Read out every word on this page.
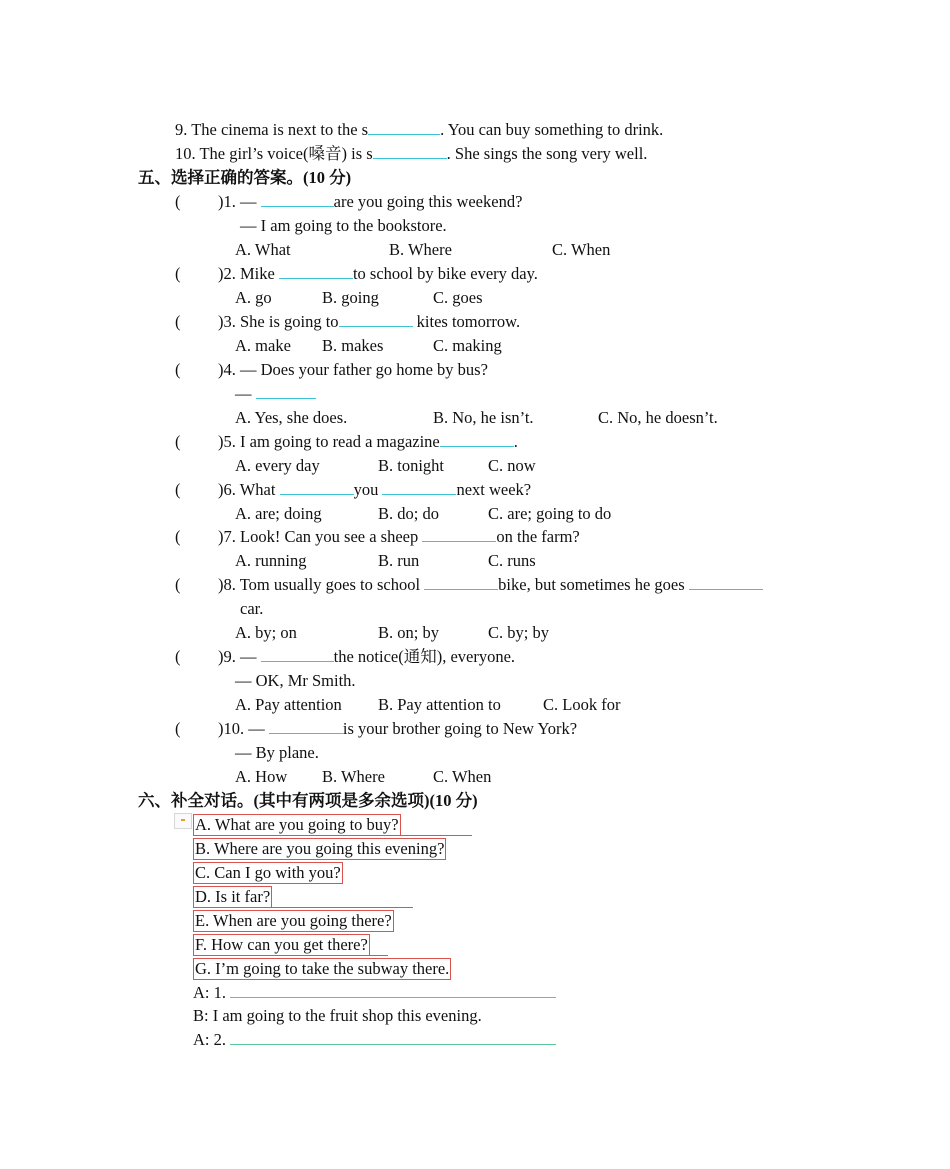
9. The cinema is next to the s	. You can buy something to drink.
10. The girl’s voice(嗓音) is s	. She sings the song very well.
五、选择正确的答案。(10 分)
( )1. —	are you going this weekend?
— I am going to the bookstore.
A. What	B. Where	C. When
( )2. Mike	to school by bike every day.
A. go	B. going	C. goes
( )3. She is going to	kites tomorrow.
A. make B. makes	C. making
( )4. — Does your father go home by bus?
—
A. Yes, she does.	B. No, he isn’t.	C. No, he doesn’t.
( )5. I am going to read a magazine	.
A. every day	B. tonight	C. now
( )6. What	you	next week?
A. are; doing	B. do; do	C. are; going to do
( )7. Look! Can you see a sheep	on the farm?
A. running	B. run	C. runs
( )8. Tom usually goes to school	bike, but sometimes he goes
car.
A. by; on	B. on; by	C. by; by
( )9. —	the notice(通知), everyone.
— OK, Mr Smith.
A. Pay attention B. Pay attention to	C. Look for
( )10. —	is your brother going to New York?
— By plane.
A. How B. Where	C. When
六、补全对话。(其中有两项是多余选项)(10 分)
A. What are you going to buy?
B. Where are you going this evening?
C. Can I go with you?
D. Is it far?
E. When are you going there?
F. How can you get there?
G. I’m going to take the subway there.
A: 1.
B: I am going to the fruit shop this evening.
A: 2.
